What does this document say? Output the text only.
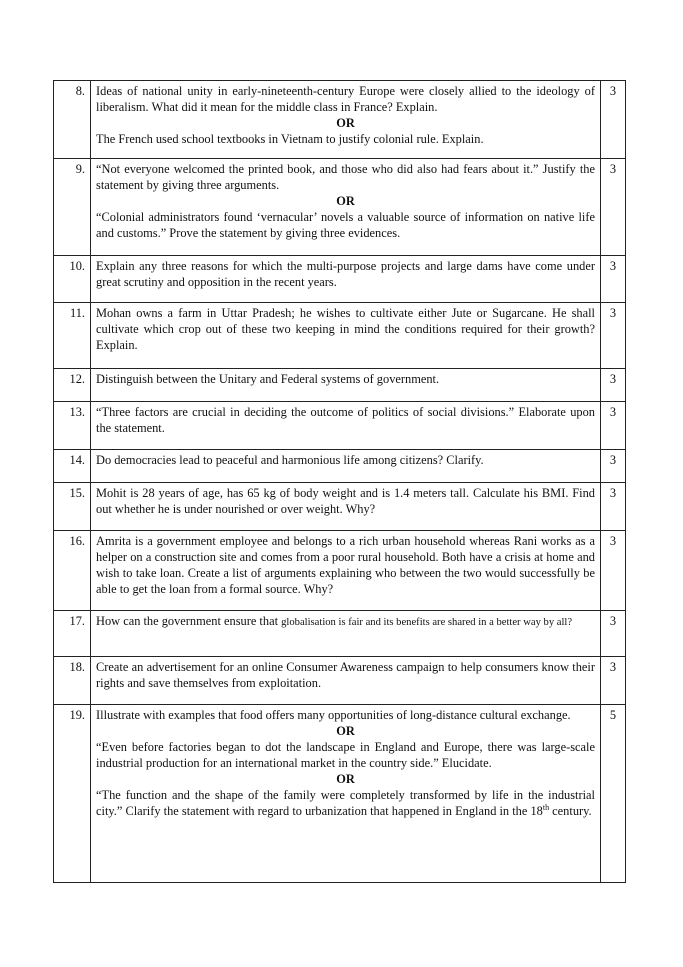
8.	Ideas of national unity in early-nineteenth-century Europe were closely allied to the ideology of liberalism. What did it mean for the middle class in France? Explain.

OR

The French used school textbooks in Vietnam to justify colonial rule. Explain.	3
9.	“Not everyone welcomed the printed book, and those who did also had fears about it.” Justify the statement by giving three arguments.

OR

“Colonial administrators found ‘vernacular’ novels a valuable source of information on native life and customs.” Prove the statement by giving three evidences.	3
10.	Explain any three reasons for which the multi-purpose projects and large dams have come under great scrutiny and opposition in the recent years.	3
11.	Mohan owns a farm in Uttar Pradesh; he wishes to cultivate either Jute or Sugarcane. He shall cultivate which crop out of these two keeping in mind the conditions required for their growth? Explain.	3
12.	Distinguish between the Unitary and Federal systems of government.	3
13.	“Three factors are crucial in deciding the outcome of politics of social divisions.” Elaborate upon the statement.	3
14.	Do democracies lead to peaceful and harmonious life among citizens? Clarify.	3
15.	Mohit is 28 years of age, has 65 kg of body weight and is 1.4 meters tall. Calculate his BMI. Find out whether he is under nourished or over weight. Why?	3
16.	Amrita is a government employee and belongs to a rich urban household whereas Rani works as a helper on a construction site and comes from a poor rural household. Both have a crisis at home and wish to take loan. Create a list of arguments explaining who between the two would successfully be able to get the loan from a formal source. Why?	3
17.	How can the government ensure that globalisation is fair and its benefits are shared in a better way by all?	3
18.	Create an advertisement for an online Consumer Awareness campaign to help consumers know their rights and save themselves from exploitation.	3
19.	Illustrate with examples that food offers many opportunities of long-distance cultural exchange.

OR

“Even before factories began to dot the landscape in England and Europe, there was large-scale industrial production for an international market in the country side.” Elucidate.

OR

“The function and the shape of the family were completely transformed by life in the industrial city.” Clarify the statement with regard to urbanization that happened in England in the 18th century.	5
